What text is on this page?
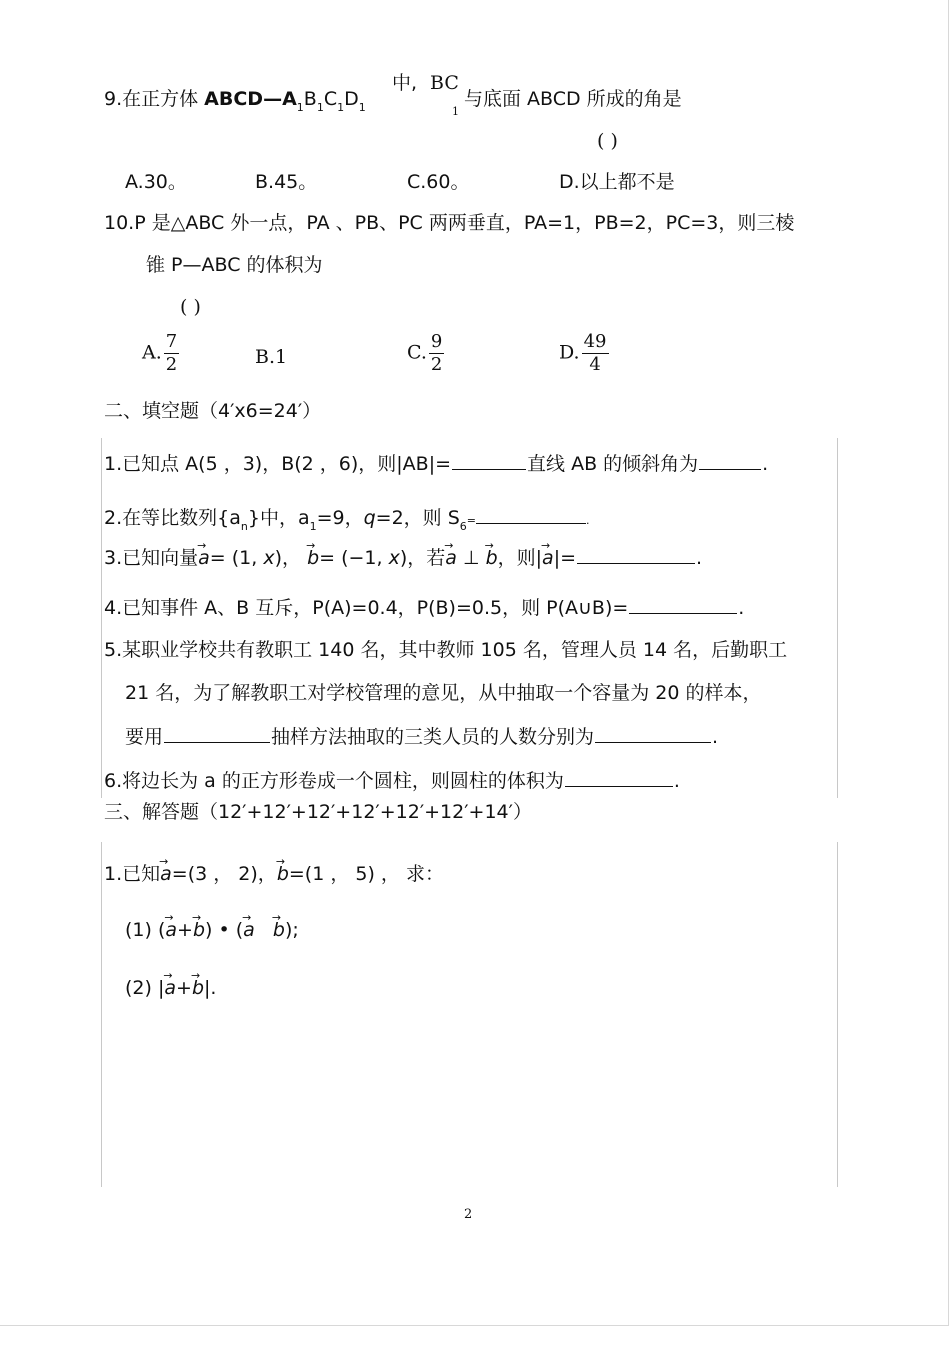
9.在正方体 $ABCD—A_1B_1C_1D_1$
中, BC
1
与底面 ABCD 所成的角是
( )
A.30。	B.45。	C.60。	D.以上都不是
10.P 是△ABC 外一点，PA 、PB、PC 两两垂直，PA=1，PB=2，PC=3，则三棱
锥 P—ABC 的体积为
( )
A. $\frac{7}{2}$	B.1	C. $\frac{9}{2}$	D. $\frac{49}{4}$
二、填空题（4′x6=24′）
1.已知点 A(5 ，3)，B(2 ，6)，则|AB|=	直线 AB 的倾斜角为	.
2.在等比数列$\{a_n\}$中，$a_1=9$，q=2，则 $S_6=$	.
3.已知向量→ a= (1, x)， → b= (−1, x)，若→ a ⊥ → b，则|→ a|=	.
4.已知事件 A、B 互斥，P(A)=0.4，P(B)=0.5，则 P(A∪B)=	.
5.某职业学校共有教职工 140 名，其中教师 105 名，管理人员 14 名，后勤职工
21 名，为了解教职工对学校管理的意见，从中抽取一个容量为 20 的样本，
要用	抽样方法抽取的三类人员的人数分别为	.
6.将边长为 a 的正方形卷成一个圆柱，则圆柱的体积为	.
三、解答题（12′+12′+12′+12′+12′+12′+14′）
1.已知→ a=(3 ， 2)，→ b=(1 ， 5) ， 求：
(1) (→ a+→ b) • (→ a → b);
(2) |→ a+→ b|.
2
